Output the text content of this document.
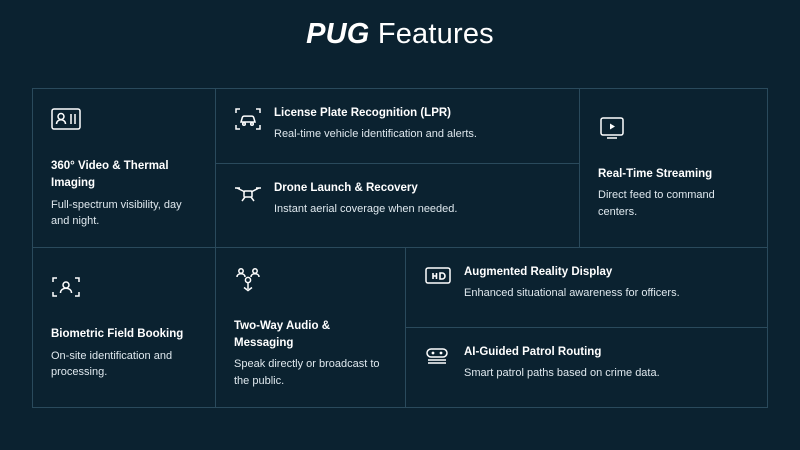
PUG Features
360° Video & Thermal Imaging
Full-spectrum visibility, day and night.
License Plate Recognition (LPR)
Real-time vehicle identification and alerts.
Drone Launch & Recovery
Instant aerial coverage when needed.
Real-Time Streaming
Direct feed to command centers.
Biometric Field Booking
On-site identification and processing.
Two-Way Audio & Messaging
Speak directly or broadcast to the public.
Augmented Reality Display
Enhanced situational awareness for officers.
AI-Guided Patrol Routing
Smart patrol paths based on crime data.
